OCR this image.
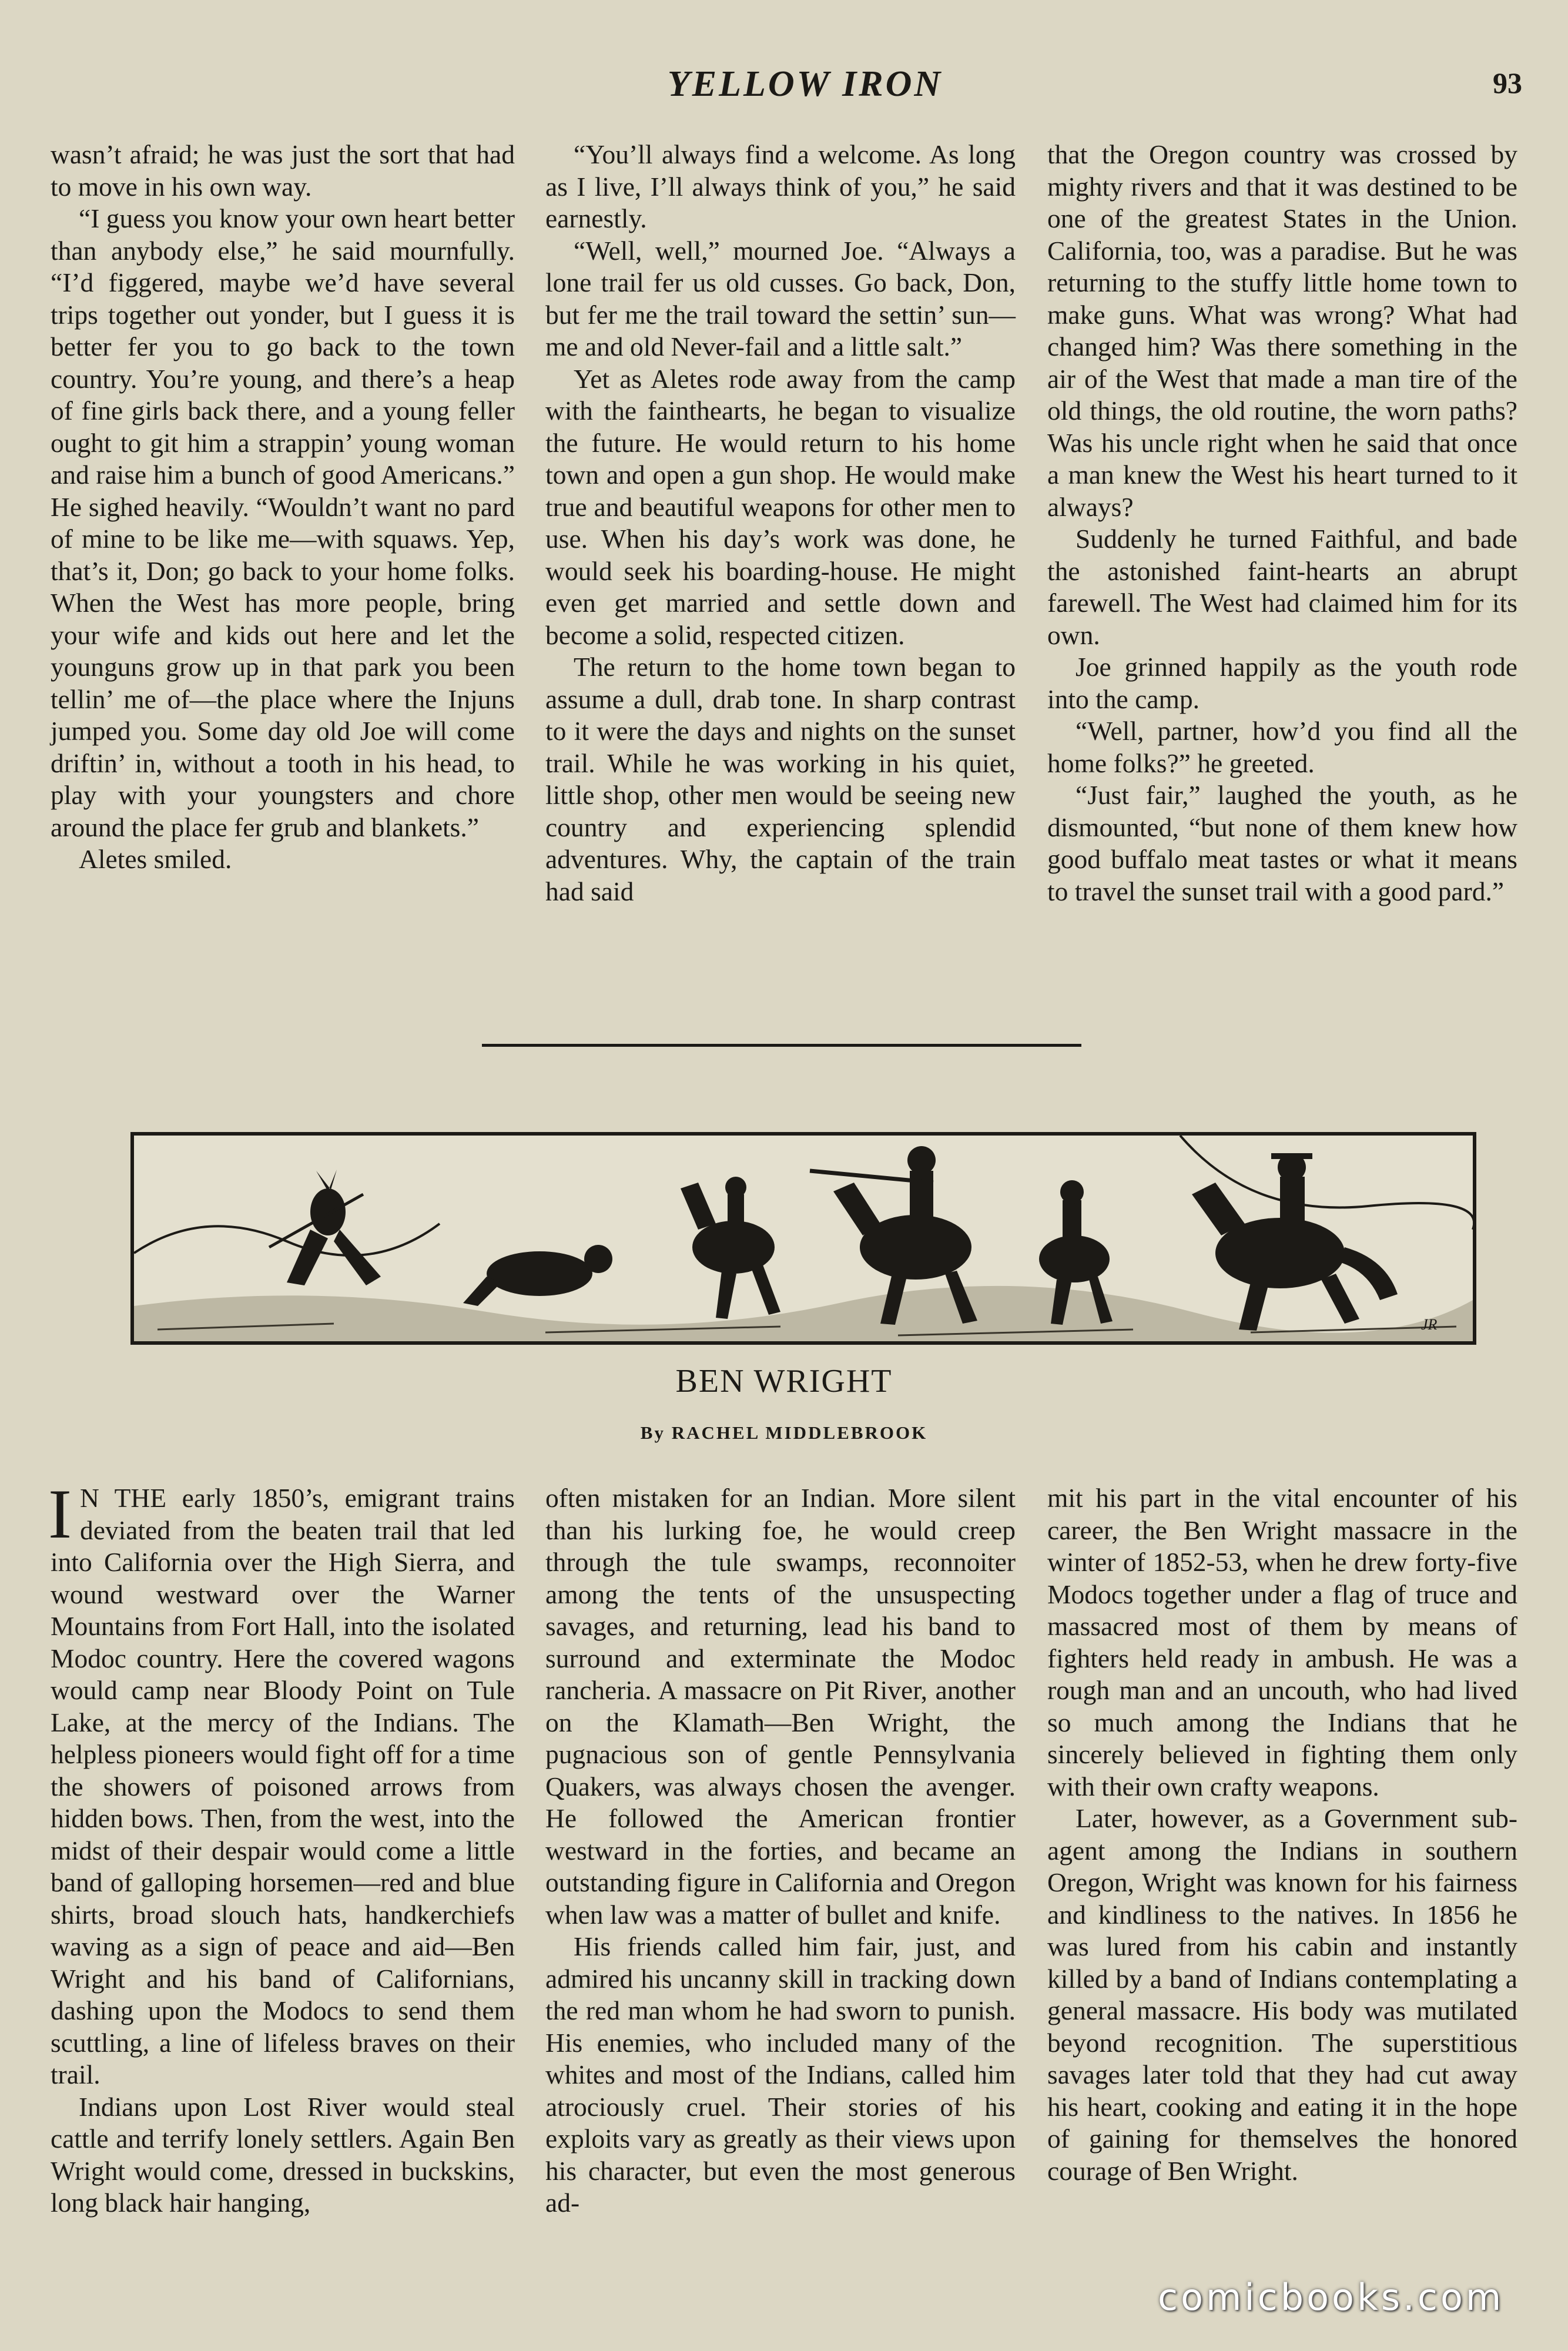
YELLOW IRON	93

wasn’t afraid; he was just the sort that had to move in his own way.

“I guess you know your own heart better than anybody else,” he said mournfully. “I’d figgered, maybe we’d have several trips together out yonder, but I guess it is better fer you to go back to the town country. You’re young, and there’s a heap of fine girls back there, and a young feller ought to git him a strappin’ young woman and raise him a bunch of good Americans.” He sighed heavily. “Wouldn’t want no pard of mine to be like me—with squaws. Yep, that’s it, Don; go back to your home folks. When the West has more people, bring your wife and kids out here and let the younguns grow up in that park you been tellin’ me of—the place where the Injuns jumped you. Some day old Joe will come driftin’ in, without a tooth in his head, to play with your youngsters and chore around the place fer grub and blankets.”

Aletes smiled.

“You’ll always find a welcome. As long as I live, I’ll always think of you,” he said earnestly.

“Well, well,” mourned Joe. “Always a lone trail fer us old cusses. Go back, Don, but fer me the trail toward the settin’ sun—me and old Never-fail and a little salt.”

Yet as Aletes rode away from the camp with the fainthearts, he began to visualize the future. He would return to his home town and open a gun shop. He would make true and beautiful weapons for other men to use. When his day’s work was done, he would seek his boarding-house. He might even get married and settle down and become a solid, respected citizen.

The return to the home town began to assume a dull, drab tone. In sharp contrast to it were the days and nights on the sunset trail. While he was working in his quiet, little shop, other men would be seeing new country and experiencing splendid adventures. Why, the captain of the train had said

that the Oregon country was crossed by mighty rivers and that it was destined to be one of the greatest States in the Union. California, too, was a paradise. But he was returning to the stuffy little home town to make guns. What was wrong? What had changed him? Was there something in the air of the West that made a man tire of the old things, the old routine, the worn paths? Was his uncle right when he said that once a man knew the West his heart turned to it always?

Suddenly he turned Faithful, and bade the astonished faint-hearts an abrupt farewell. The West had claimed him for its own.

Joe grinned happily as the youth rode into the camp.

“Well, partner, how’d you find all the home folks?” he greeted.

“Just fair,” laughed the youth, as he dismounted, “but none of them knew how good buffalo meat tastes or what it means to travel the sunset trail with a good pard.”

JR
BEN WRIGHT
By RACHEL MIDDLEBROOK

I N THE early 1850’s, emigrant trains deviated from the beaten trail that led into California over the High Sierra, and wound westward over the Warner Mountains from Fort Hall, into the isolated Modoc country. Here the covered wagons would camp near Bloody Point on Tule Lake, at the mercy of the Indians. The helpless pioneers would fight off for a time the showers of poisoned arrows from hidden bows. Then, from the west, into the midst of their despair would come a little band of galloping horsemen—red and blue shirts, broad slouch hats, handkerchiefs waving as a sign of peace and aid—Ben Wright and his band of Californians, dashing upon the Modocs to send them scuttling, a line of lifeless braves on their trail.

Indians upon Lost River would steal cattle and terrify lonely settlers. Again Ben Wright would come, dressed in buckskins, long black hair hanging,

often mistaken for an Indian. More silent than his lurking foe, he would creep through the tule swamps, reconnoiter among the tents of the unsuspecting savages, and returning, lead his band to surround and exterminate the Modoc rancheria. A massacre on Pit River, another on the Klamath—Ben Wright, the pugnacious son of gentle Pennsylvania Quakers, was always chosen the avenger. He followed the American frontier westward in the forties, and became an outstanding figure in California and Oregon when law was a matter of bullet and knife.

His friends called him fair, just, and admired his uncanny skill in tracking down the red man whom he had sworn to punish. His enemies, who included many of the whites and most of the Indians, called him atrociously cruel. Their stories of his exploits vary as greatly as their views upon his character, but even the most generous ad-

mit his part in the vital encounter of his career, the Ben Wright massacre in the winter of 1852-53, when he drew forty-five Modocs together under a flag of truce and massacred most of them by means of fighters held ready in ambush. He was a rough man and an uncouth, who had lived so much among the Indians that he sincerely believed in fighting them only with their own crafty weapons.

Later, however, as a Government sub-agent among the Indians in southern Oregon, Wright was known for his fairness and kindliness to the natives. In 1856 he was lured from his cabin and instantly killed by a band of Indians contemplating a general massacre. His body was mutilated beyond recognition. The superstitious savages later told that they had cut away his heart, cooking and eating it in the hope of gaining for themselves the honored courage of Ben Wright.

comicbooks.com
